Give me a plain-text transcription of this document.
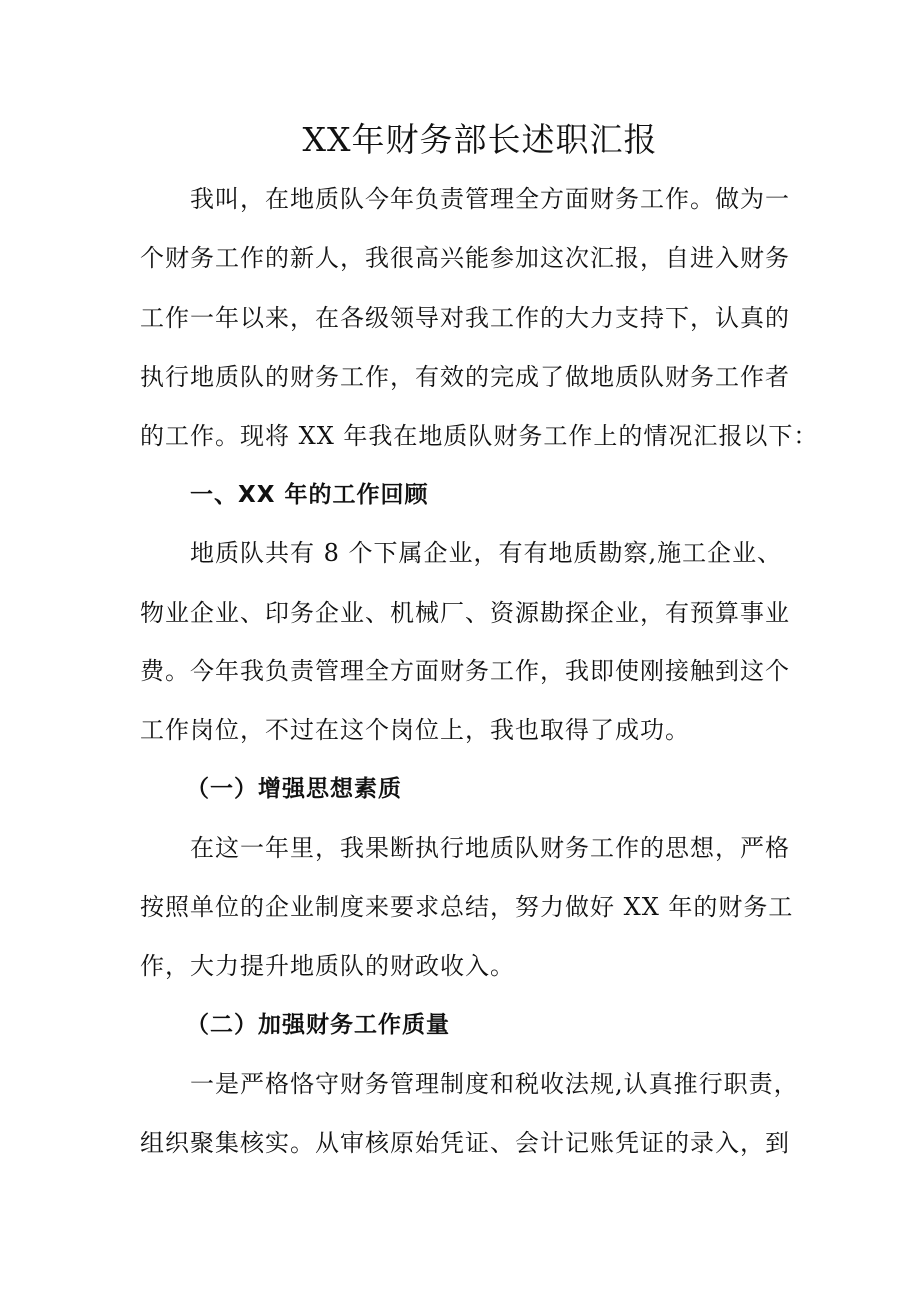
XX年财务部长述职汇报
我叫，在地质队今年负责管理全方面财务工作。做为一
个财务工作的新人，我很高兴能参加这次汇报，自进入财务
工作一年以来，在各级领导对我工作的大力支持下，认真的
执行地质队的财务工作，有效的完成了做地质队财务工作者
的工作。现将 XX 年我在地质队财务工作上的情况汇报以下：
一、XX 年的工作回顾
地质队共有 8 个下属企业，有有地质勘察,施工企业、
物业企业、印务企业、机械厂、资源勘探企业，有预算事业
费。今年我负责管理全方面财务工作，我即使刚接触到这个
工作岗位，不过在这个岗位上，我也取得了成功。
（一）增强思想素质
在这一年里，我果断执行地质队财务工作的思想，严格
按照单位的企业制度来要求总结，努力做好 XX 年的财务工
作，大力提升地质队的财政收入。
（二）加强财务工作质量
一是严格恪守财务管理制度和税收法规,认真推行职责，
组织聚集核实。从审核原始凭证、会计记账凭证的录入，到
